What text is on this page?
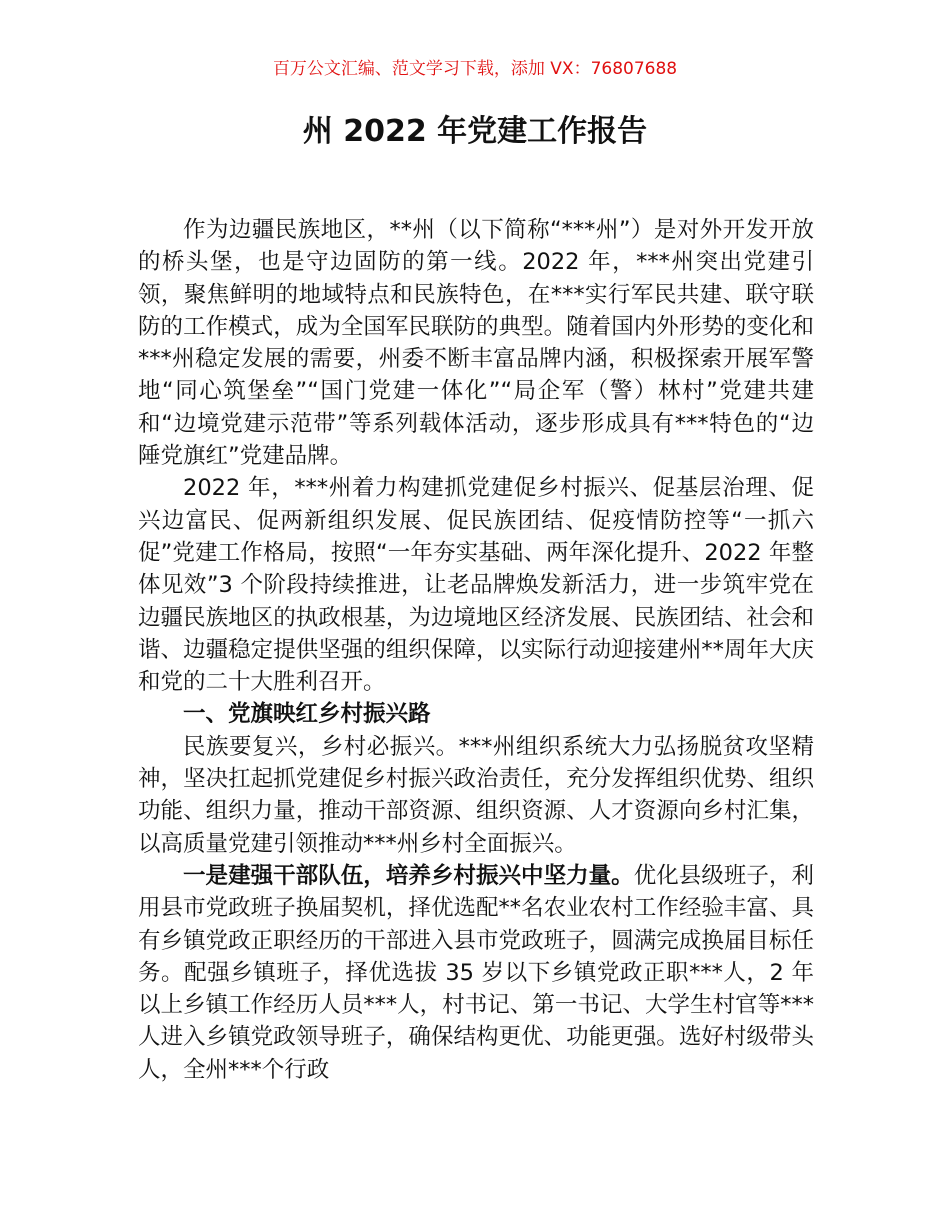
百万公文汇编、范文学习下载，添加 VX：76807688
州 2022 年党建工作报告

作为边疆民族地区，**州（以下简称“***州”）是对外开发开放的桥头堡，也是守边固防的第一线。2022 年，***州突出党建引领，聚焦鲜明的地域特点和民族特色，在***实行军民共建、联守联防的工作模式，成为全国军民联防的典型。随着国内外形势的变化和***州稳定发展的需要，州委不断丰富品牌内涵，积极探索开展军警地“同心筑堡垒”“国门党建一体化”“局企军（警）林村”党建共建和“边境党建示范带”等系列载体活动，逐步形成具有***特色的“边陲党旗红”党建品牌。

2022 年，***州着力构建抓党建促乡村振兴、促基层治理、促兴边富民、促两新组织发展、促民族团结、促疫情防控等“一抓六促”党建工作格局，按照“一年夯实基础、两年深化提升、2022 年整体见效”3 个阶段持续推进，让老品牌焕发新活力，进一步筑牢党在边疆民族地区的执政根基，为边境地区经济发展、民族团结、社会和谐、边疆稳定提供坚强的组织保障，以实际行动迎接建州**周年大庆和党的二十大胜利召开。

一、党旗映红乡村振兴路

民族要复兴，乡村必振兴。***州组织系统大力弘扬脱贫攻坚精神，坚决扛起抓党建促乡村振兴政治责任，充分发挥组织优势、组织功能、组织力量，推动干部资源、组织资源、人才资源向乡村汇集，以高质量党建引领推动***州乡村全面振兴。

一是建强干部队伍，培养乡村振兴中坚力量。优化县级班子，利用县市党政班子换届契机，择优选配**名农业农村工作经验丰富、具有乡镇党政正职经历的干部进入县市党政班子，圆满完成换届目标任务。配强乡镇班子，择优选拔 35 岁以下乡镇党政正职***人，2 年以上乡镇工作经历人员***人，村书记、第一书记、大学生村官等***人进入乡镇党政领导班子，确保结构更优、功能更强。选好村级带头人，全州***个行政
